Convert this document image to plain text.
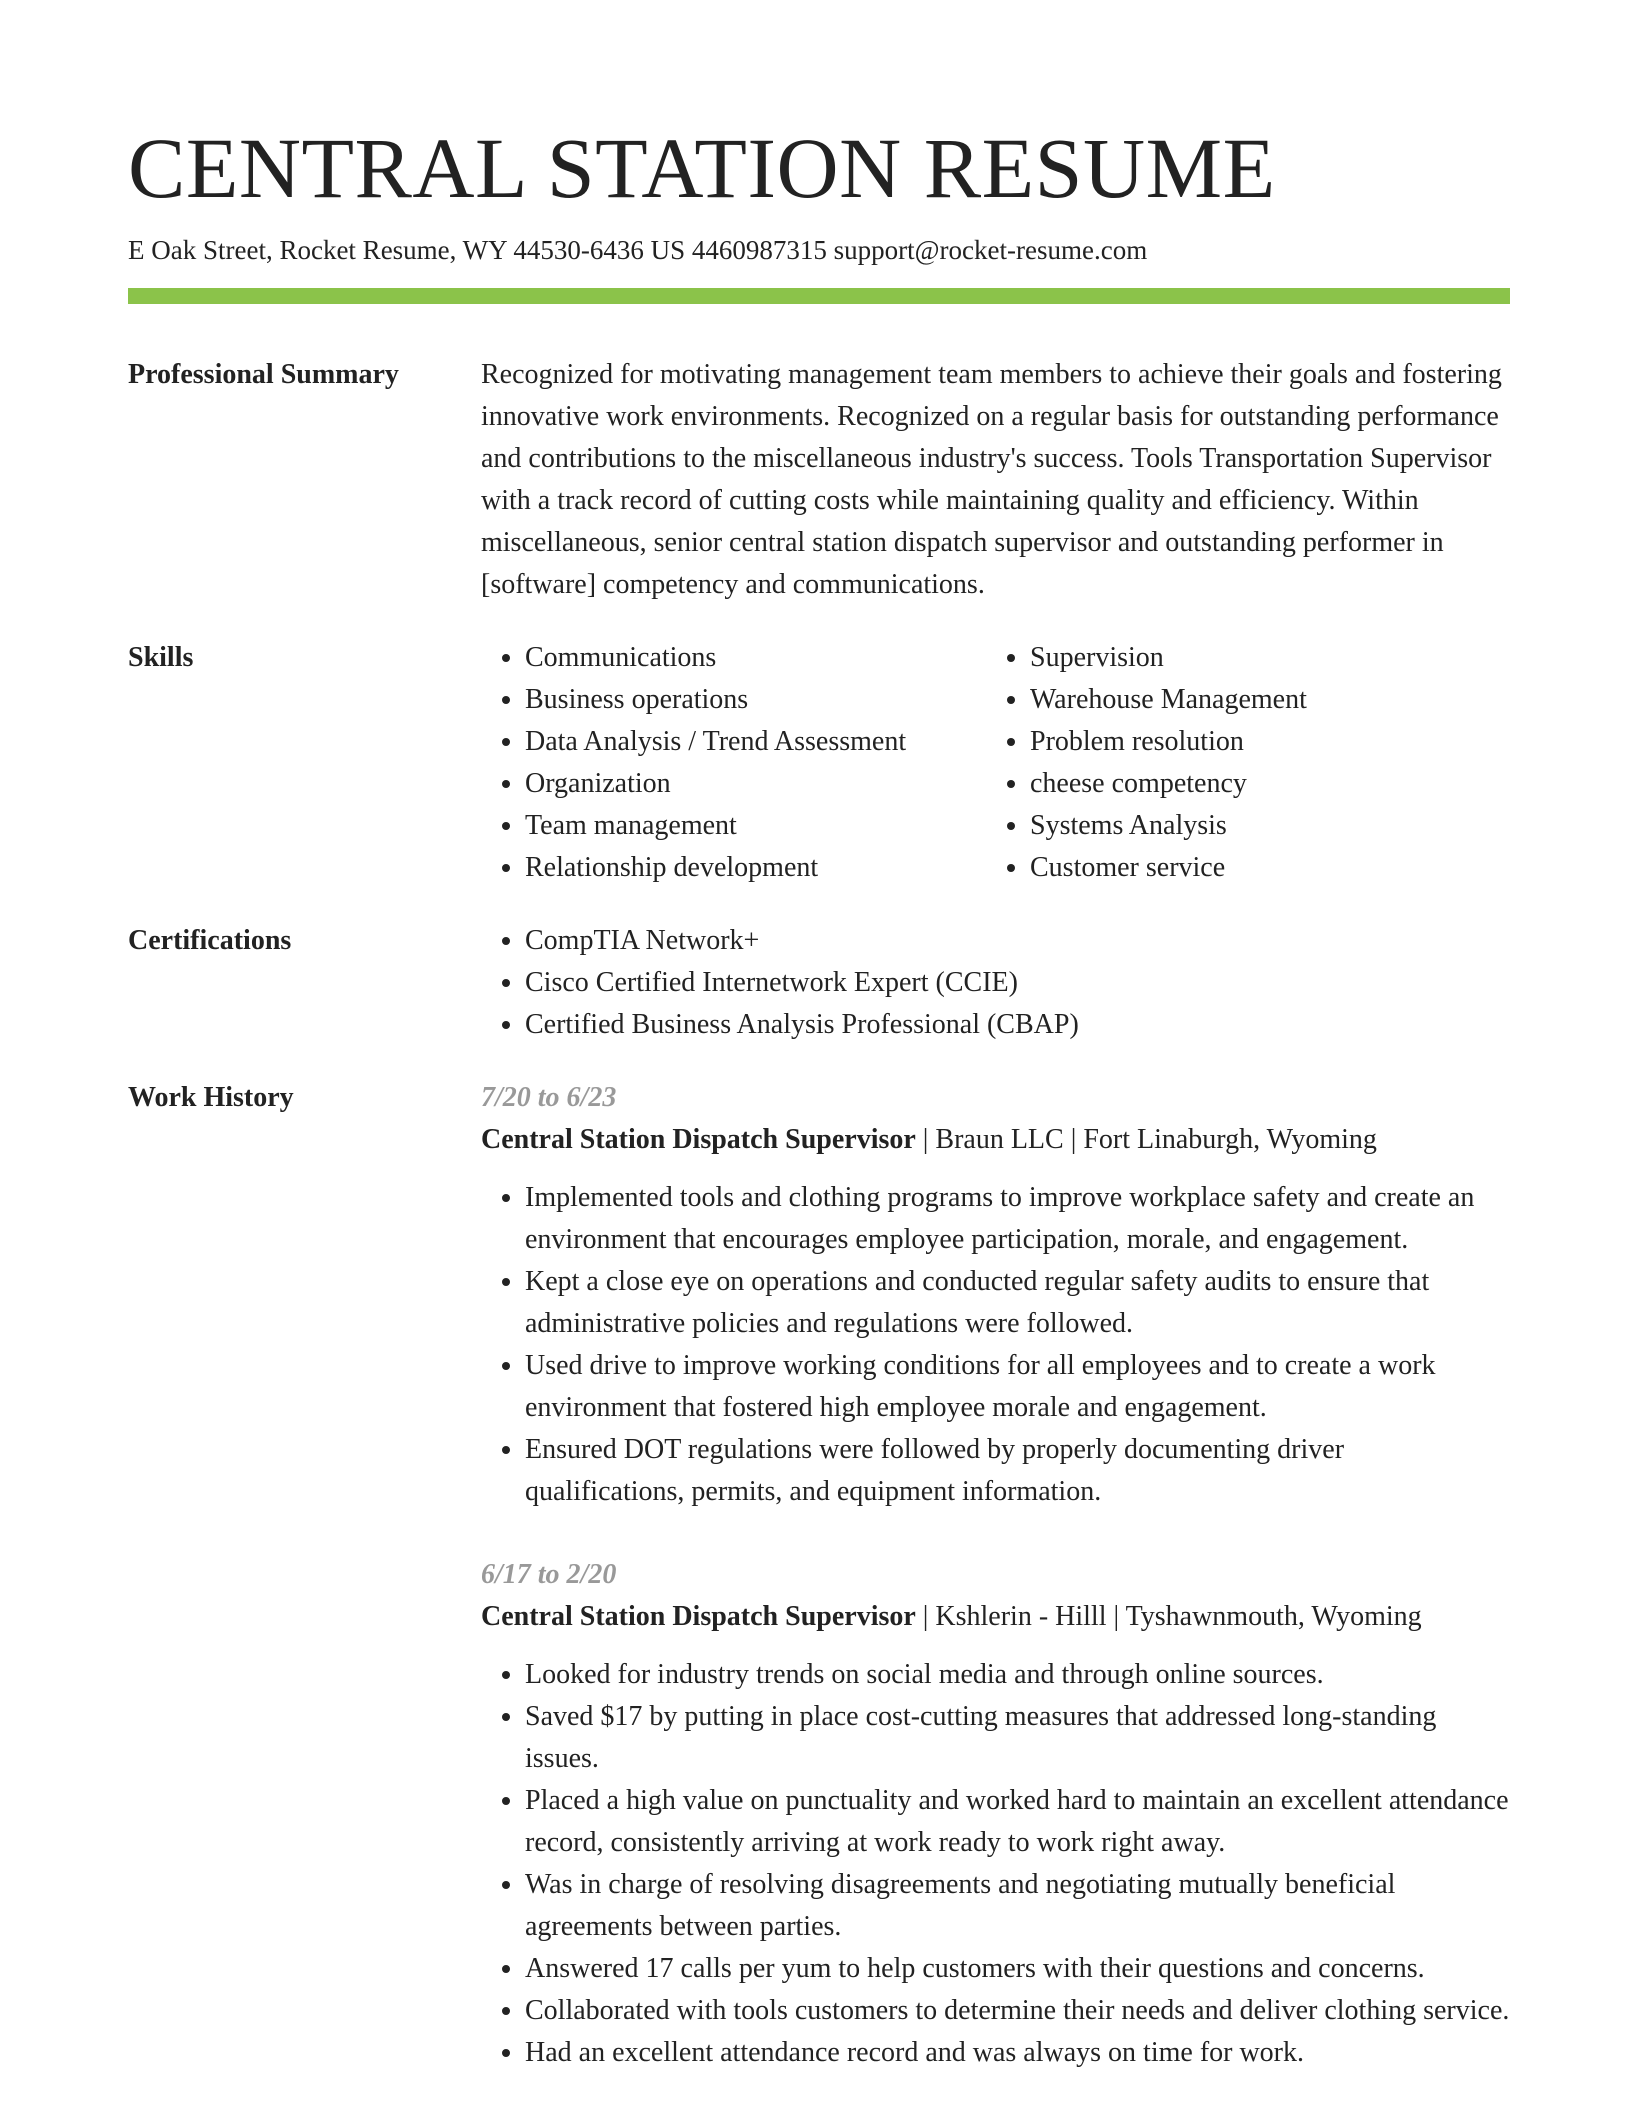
CENTRAL STATION RESUME
E Oak Street, Rocket Resume, WY 44530-6436 US 4460987315 support@rocket-resume.com
Professional Summary	Recognized for motivating management team members to achieve their goals and fostering innovative work environments. Recognized on a regular basis for outstanding performance and contributions to the miscellaneous industry's success. Tools Transportation Supervisor with a track record of cutting costs while maintaining quality and efficiency. Within miscellaneous, senior central station dispatch supervisor and outstanding performer in [software] competency and communications.

Skills	• Communications
• Business operations
• Data Analysis / Trend Assessment
• Organization
• Team management
• Relationship development
• Supervision
• Warehouse Management
• Problem resolution
• cheese competency
• Systems Analysis
• Customer service
Certifications	• CompTIA Network+
• Cisco Certified Internetwork Expert (CCIE)
• Certified Business Analysis Professional (CBAP)
Work History	7/20 to 6/23

Central Station Dispatch Supervisor | Braun LLC | Fort Linaburgh, Wyoming

• Implemented tools and clothing programs to improve workplace safety and create an environment that encourages employee participation, morale, and engagement.
• Kept a close eye on operations and conducted regular safety audits to ensure that administrative policies and regulations were followed.
• Used drive to improve working conditions for all employees and to create a work environment that fostered high employee morale and engagement.
• Ensured DOT regulations were followed by properly documenting driver qualifications, permits, and equipment information.
6/17 to 2/20

Central Station Dispatch Supervisor | Kshlerin - Hilll | Tyshawnmouth, Wyoming

• Looked for industry trends on social media and through online sources.
• Saved $17 by putting in place cost-cutting measures that addressed long-standing issues.
• Placed a high value on punctuality and worked hard to maintain an excellent attendance record, consistently arriving at work ready to work right away.
• Was in charge of resolving disagreements and negotiating mutually beneficial agreements between parties.
• Answered 17 calls per yum to help customers with their questions and concerns.
• Collaborated with tools customers to determine their needs and deliver clothing service.
• Had an excellent attendance record and was always on time for work.
